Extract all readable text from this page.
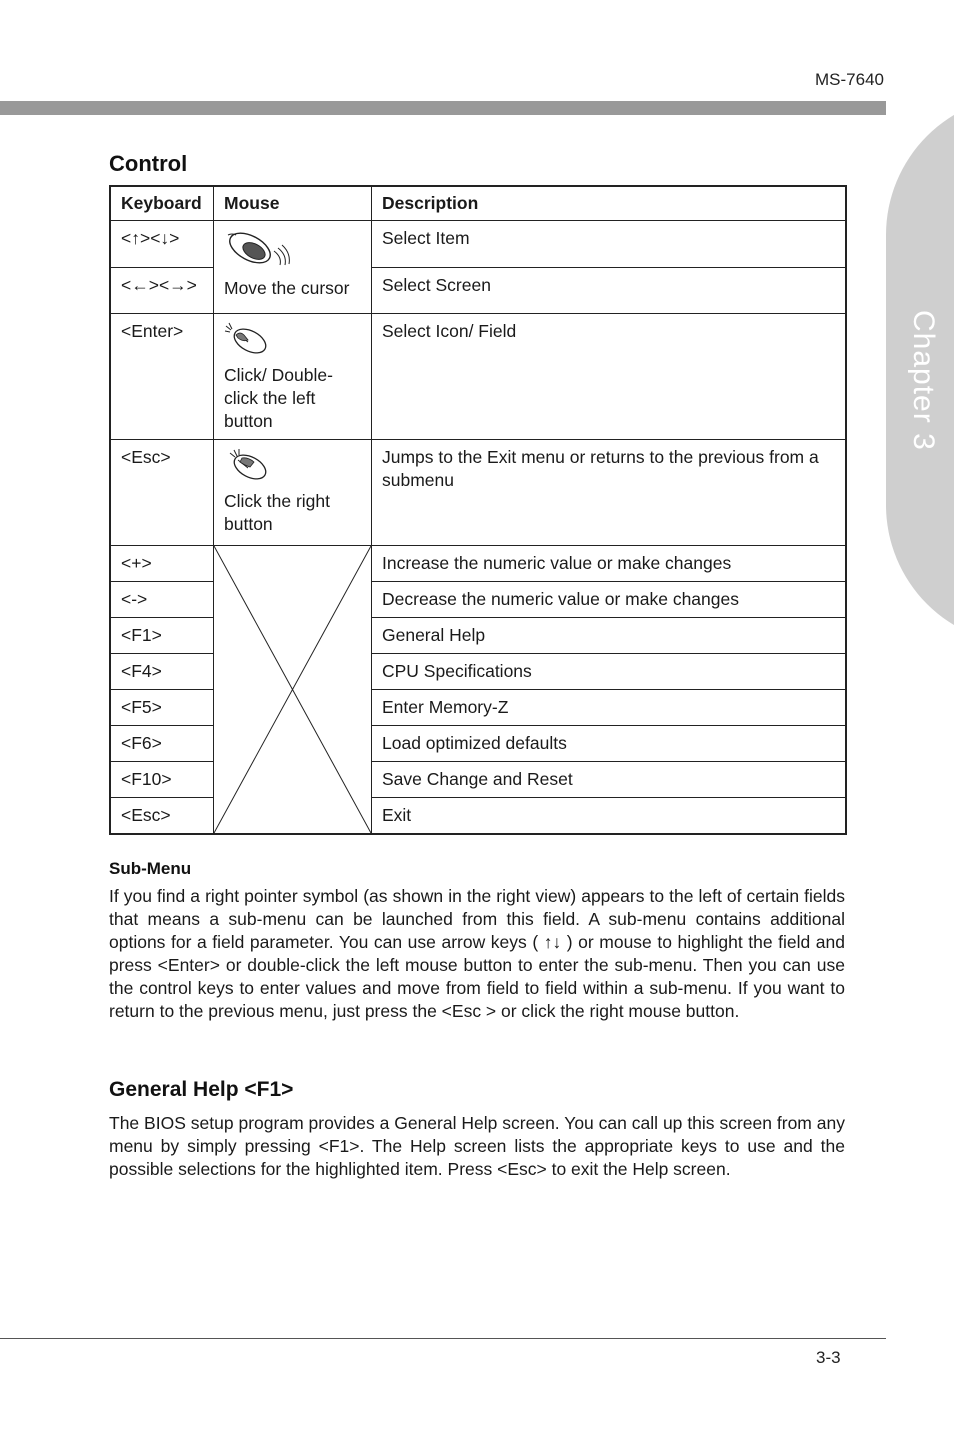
MS-7640
Chapter 3
Control
Keyboard	Mouse	Description
<↑><↓>	Move the cursor	Select Item
<←><→>		Select Screen
<Enter>	Click/ Double-click the left button	Select Icon/ Field
<Esc>	Click the right button	Jumps to the Exit menu or returns to the previous from a submenu
<+>		Increase the numeric value or make changes
<->		Decrease the numeric value or make changes
<F1>		General Help
<F4>		CPU Specifications
<F5>		Enter Memory-Z
<F6>		Load optimized defaults
<F10>		Save Change and Reset
<Esc>		Exit
Sub-Menu

If you find a right pointer symbol (as shown in the right view) appears to the left of certain fields that means a sub-menu can be launched from this field. A sub-menu contains additional options for a field parameter. You can use arrow keys ( ↑↓ ) or mouse to highlight the field and press <Enter> or double-click the left mouse button to enter the sub-menu. Then you can use the control keys to enter values and move from field to field within a sub-menu. If you want to return to the previous menu, just press the <Esc > or click the right mouse button.

General Help <F1>

The BIOS setup program provides a General Help screen. You can call up this screen from any menu by simply pressing <F1>. The Help screen lists the appropriate keys to use and the possible selections for the highlighted item. Press <Esc> to exit the Help screen.

3-3
